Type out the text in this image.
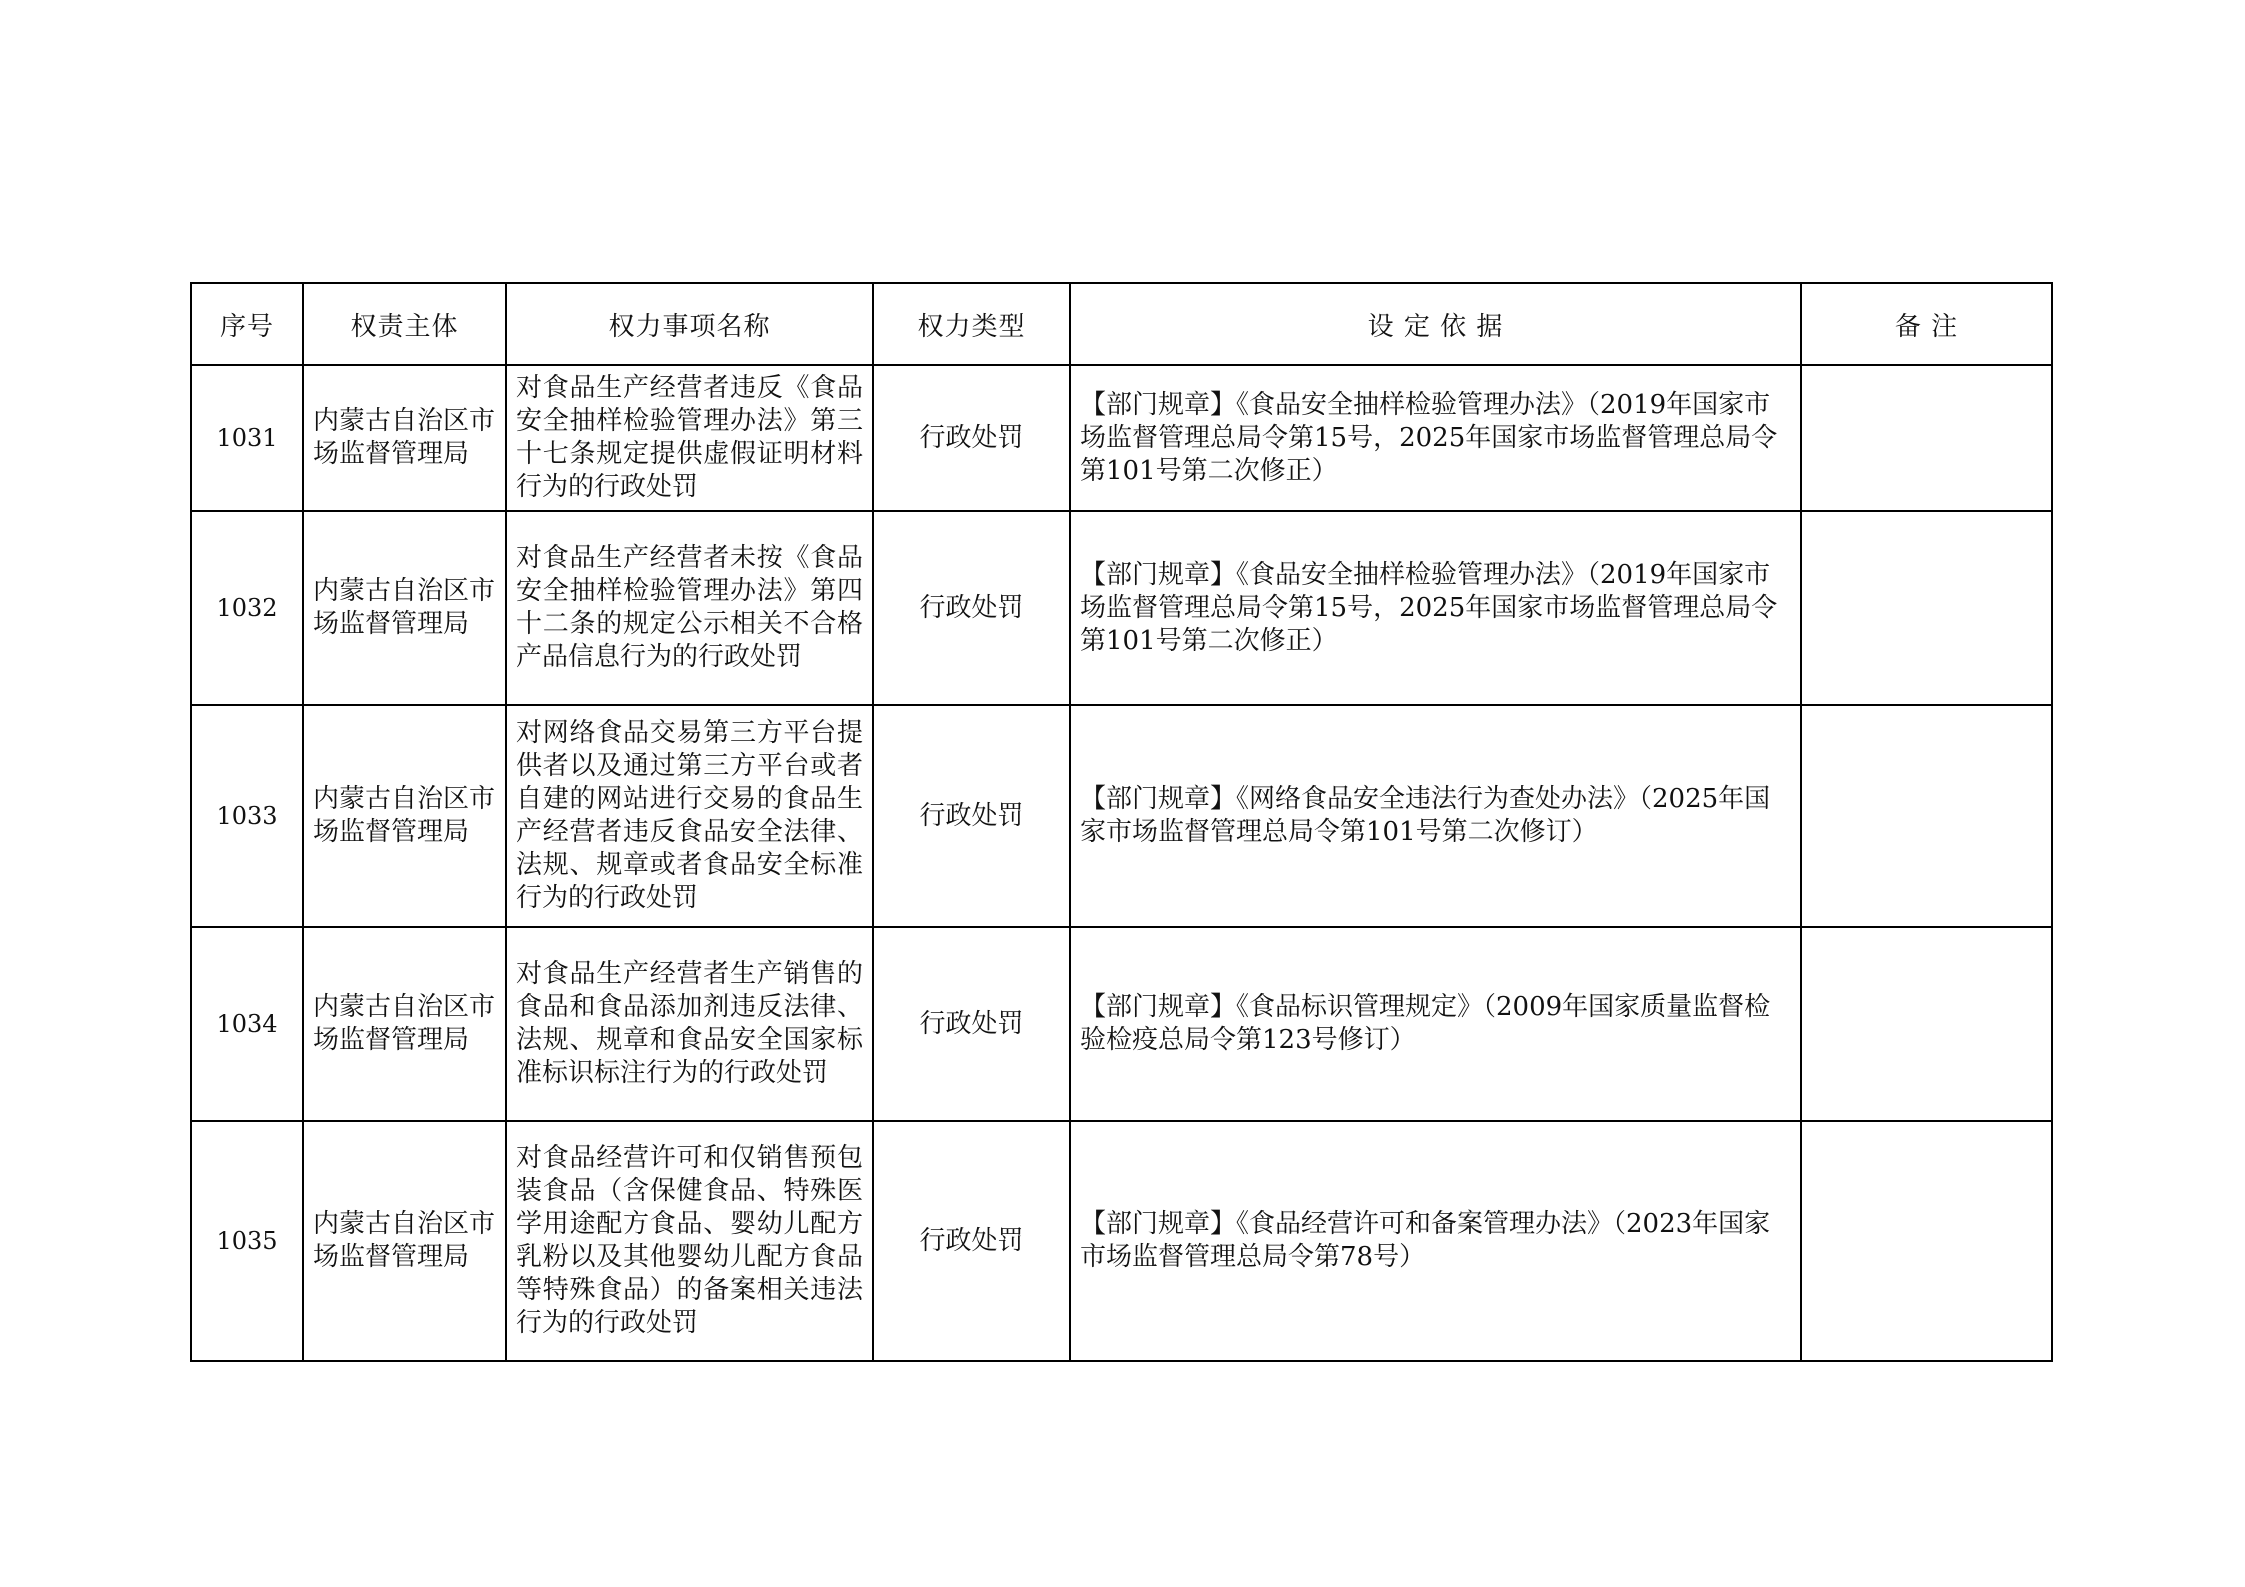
序号	权责主体	权力事项名称	权力类型	设 定 依 据	备 注
1031	内蒙古自治区市场监督管理局	对食品生产经营者违反《食品安全抽样检验管理办法》第三十七条规定提供虚假证明材料行为的行政处罚	行政处罚	【部门规章】《食品安全抽样检验管理办法》（2019年国家市场监督管理总局令第15号，2025年国家市场监督管理总局令第101号第二次修正）	
1032	内蒙古自治区市场监督管理局	对食品生产经营者未按《食品安全抽样检验管理办法》第四十二条的规定公示相关不合格产品信息行为的行政处罚	行政处罚	【部门规章】《食品安全抽样检验管理办法》（2019年国家市场监督管理总局令第15号，2025年国家市场监督管理总局令第101号第二次修正）	
1033	内蒙古自治区市场监督管理局	对网络食品交易第三方平台提供者以及通过第三方平台或者自建的网站进行交易的食品生产经营者违反食品安全法律、法规、规章或者食品安全标准行为的行政处罚	行政处罚	【部门规章】《网络食品安全违法行为查处办法》（2025年国家市场监督管理总局令第101号第二次修订）	
1034	内蒙古自治区市场监督管理局	对食品生产经营者生产销售的食品和食品添加剂违反法律、法规、规章和食品安全国家标准标识标注行为的行政处罚	行政处罚	【部门规章】《食品标识管理规定》（2009年国家质量监督检验检疫总局令第123号修订）	
1035	内蒙古自治区市场监督管理局	对食品经营许可和仅销售预包装食品（含保健食品、特殊医学用途配方食品、婴幼儿配方乳粉以及其他婴幼儿配方食品等特殊食品）的备案相关违法行为的行政处罚	行政处罚	【部门规章】《食品经营许可和备案管理办法》（2023年国家市场监督管理总局令第78号）	
